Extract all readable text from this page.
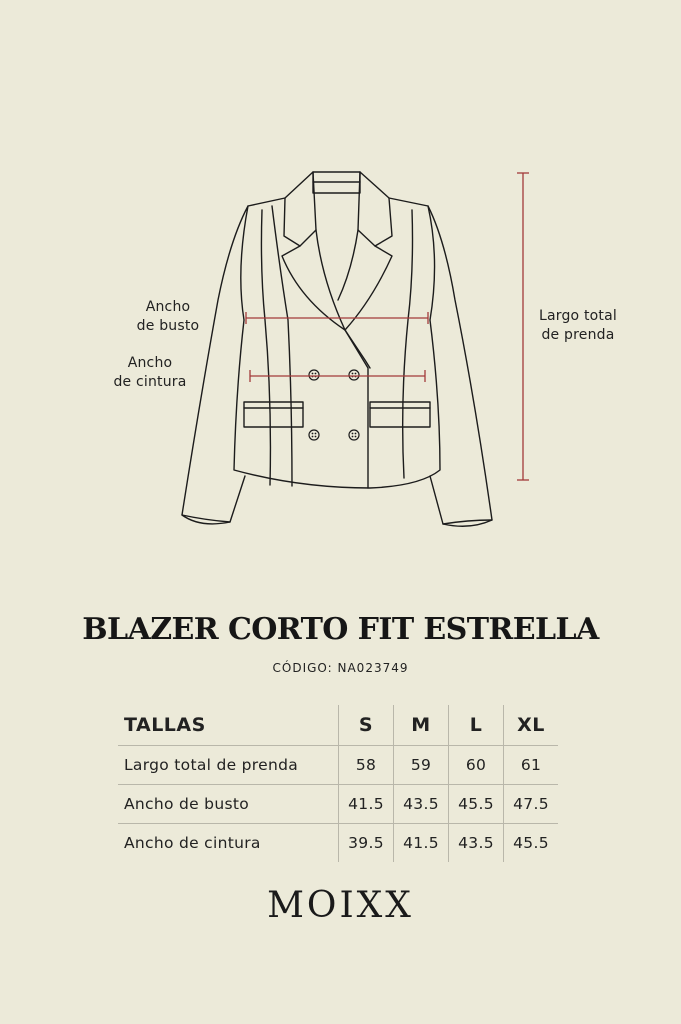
Ancho
de busto
Ancho
de cintura
Largo total
de prenda
BLAZER CORTO FIT ESTRELLA
CÓDIGO: NA023749
TALLAS	S	M	L	XL
Largo total de prenda	58	59	60	61
Ancho de busto	41.5	43.5	45.5	47.5
Ancho de cintura	39.5	41.5	43.5	45.5
MOIXX
